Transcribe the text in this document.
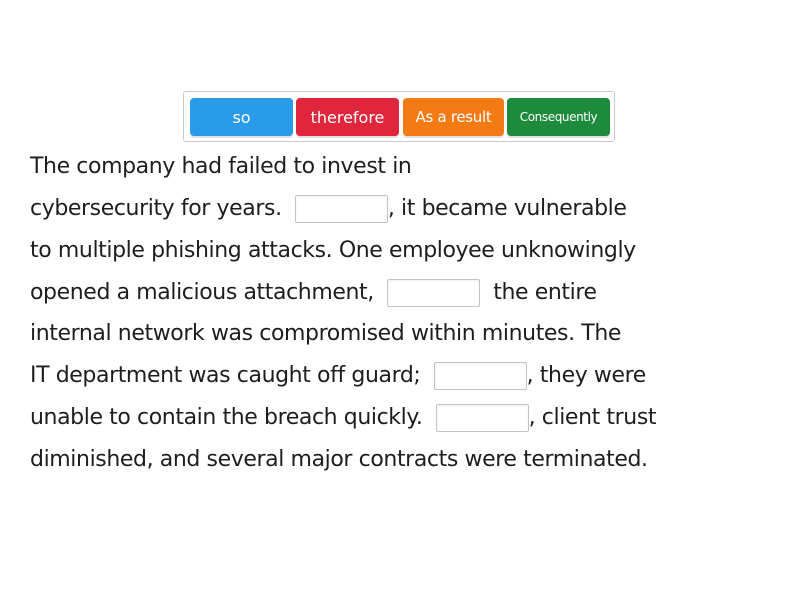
so	therefore	As a result	Consequently
The company had failed to invest in
cybersecurity for years.	, it became vulnerable
to multiple phishing attacks. One employee unknowingly
opened a malicious attachment,	the entire
internal network was compromised within minutes. The
IT department was caught off guard;	, they were
unable to contain the breach quickly.	, client trust
diminished, and several major contracts were terminated.
